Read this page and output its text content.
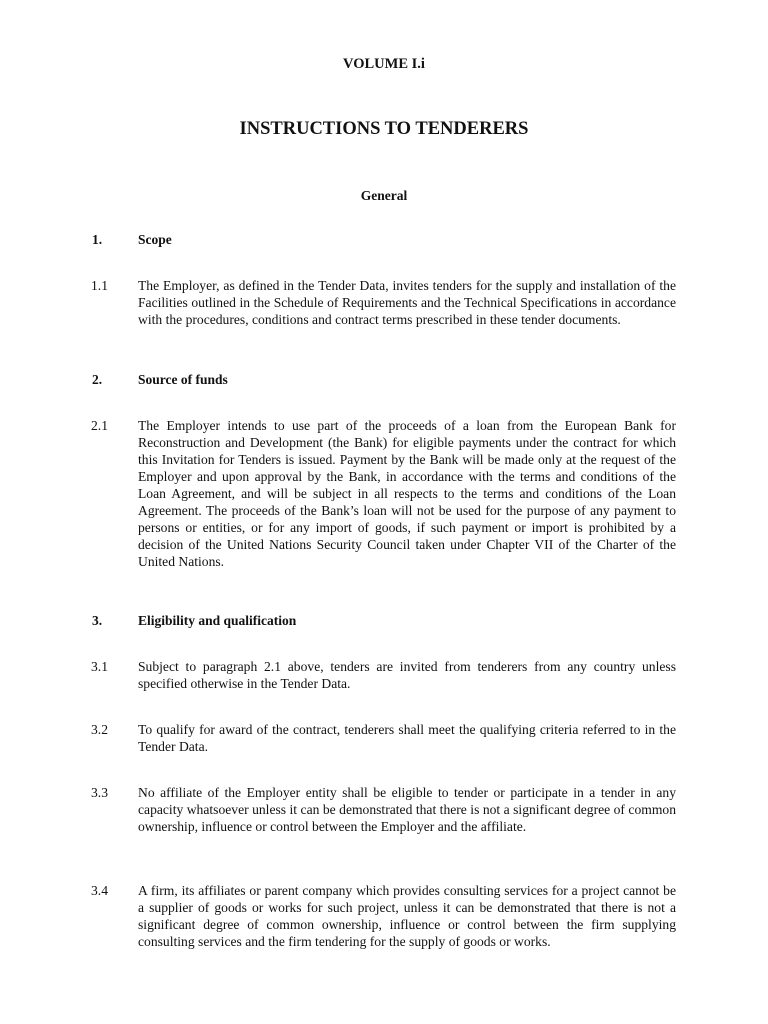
VOLUME I.i
INSTRUCTIONS TO TENDERERS
General
1.	Scope
1.1 The Employer, as defined in the Tender Data, invites tenders for the supply and installation of the Facilities outlined in the Schedule of Requirements and the Technical Specifications in accordance with the procedures, conditions and contract terms prescribed in these tender documents.
2.	Source of funds
2.1 The Employer intends to use part of the proceeds of a loan from the European Bank for Reconstruction and Development (the Bank) for eligible payments under the contract for which this Invitation for Tenders is issued. Payment by the Bank will be made only at the request of the Employer and upon approval by the Bank, in accordance with the terms and conditions of the Loan Agreement, and will be subject in all respects to the terms and conditions of the Loan Agreement. The proceeds of the Bank’s loan will not be used for the purpose of any payment to persons or entities, or for any import of goods, if such payment or import is prohibited by a decision of the United Nations Security Council taken under Chapter VII of the Charter of the United Nations.
3.	Eligibility and qualification
3.1 Subject to paragraph 2.1 above, tenders are invited from tenderers from any country unless specified otherwise in the Tender Data.
3.2 To qualify for award of the contract, tenderers shall meet the qualifying criteria referred to in the Tender Data.
3.3 No affiliate of the Employer entity shall be eligible to tender or participate in a tender in any capacity whatsoever unless it can be demonstrated that there is not a significant degree of common ownership, influence or control between the Employer and the affiliate.
3.4 A firm, its affiliates or parent company which provides consulting services for a project cannot be a supplier of goods or works for such project, unless it can be demonstrated that there is not a significant degree of common ownership, influence or control between the firm supplying consulting services and the firm tendering for the supply of goods or works.
